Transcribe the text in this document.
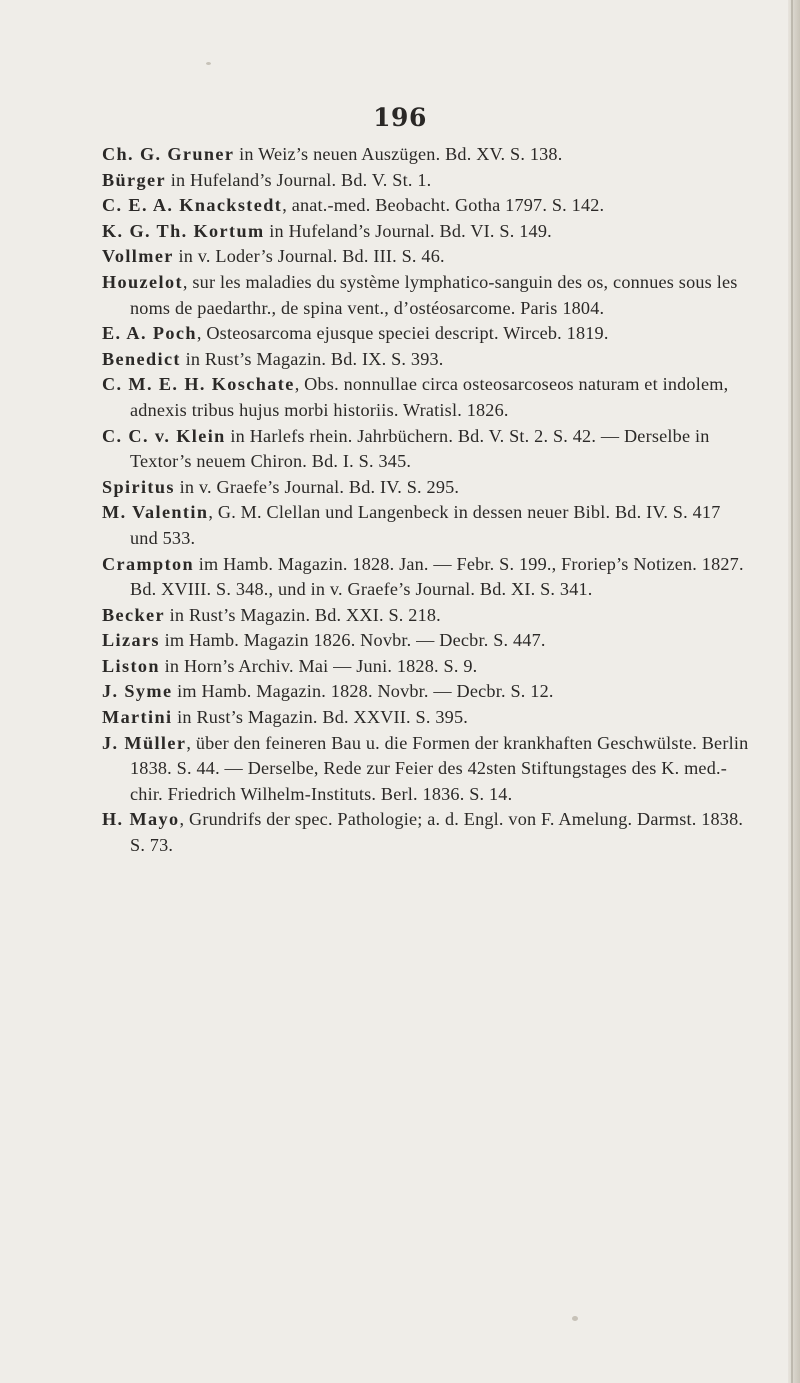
196

Ch. G. Gruner in Weiz’s neuen Auszügen. Bd. XV. S. 138.

Bürger in Hufeland’s Journal. Bd. V. St. 1.

C. E. A. Knackstedt, anat.-med. Beobacht. Gotha 1797. S. 142.

K. G. Th. Kortum in Hufeland’s Journal. Bd. VI. S. 149.

Vollmer in v. Loder’s Journal. Bd. III. S. 46.

Houzelot, sur les maladies du système lymphatico-sanguin des os, connues sous les noms de paedarthr., de spina vent., d’ostéosarcome. Paris 1804.

E. A. Poch, Osteosarcoma ejusque speciei descript. Wirceb. 1819.

Benedict in Rust’s Magazin. Bd. IX. S. 393.

C. M. E. H. Koschate, Obs. nonnullae circa osteosarcoseos naturam et indolem, adnexis tribus hujus morbi historiis. Wratisl. 1826.

C. C. v. Klein in Harlefs rhein. Jahrbüchern. Bd. V. St. 2. S. 42. — Derselbe in Textor’s neuem Chiron. Bd. I. S. 345.

Spiritus in v. Graefe’s Journal. Bd. IV. S. 295.

M. Valentin, G. M. Clellan und Langenbeck in dessen neuer Bibl. Bd. IV. S. 417 und 533.

Crampton im Hamb. Magazin. 1828. Jan. — Febr. S. 199., Froriep’s Notizen. 1827. Bd. XVIII. S. 348., und in v. Graefe’s Journal. Bd. XI. S. 341.

Becker in Rust’s Magazin. Bd. XXI. S. 218.

Lizars im Hamb. Magazin 1826. Novbr. — Decbr. S. 447.

Liston in Horn’s Archiv. Mai — Juni. 1828. S. 9.

J. Syme im Hamb. Magazin. 1828. Novbr. — Decbr. S. 12.

Martini in Rust’s Magazin. Bd. XXVII. S. 395.

J. Müller, über den feineren Bau u. die Formen der krankhaften Geschwülste. Berlin 1838. S. 44. — Derselbe, Rede zur Feier des 42sten Stiftungstages des K. med.-chir. Friedrich Wilhelm-Instituts. Berl. 1836. S. 14.

H. Mayo, Grundrifs der spec. Pathologie; a. d. Engl. von F. Amelung. Darmst. 1838. S. 73.
